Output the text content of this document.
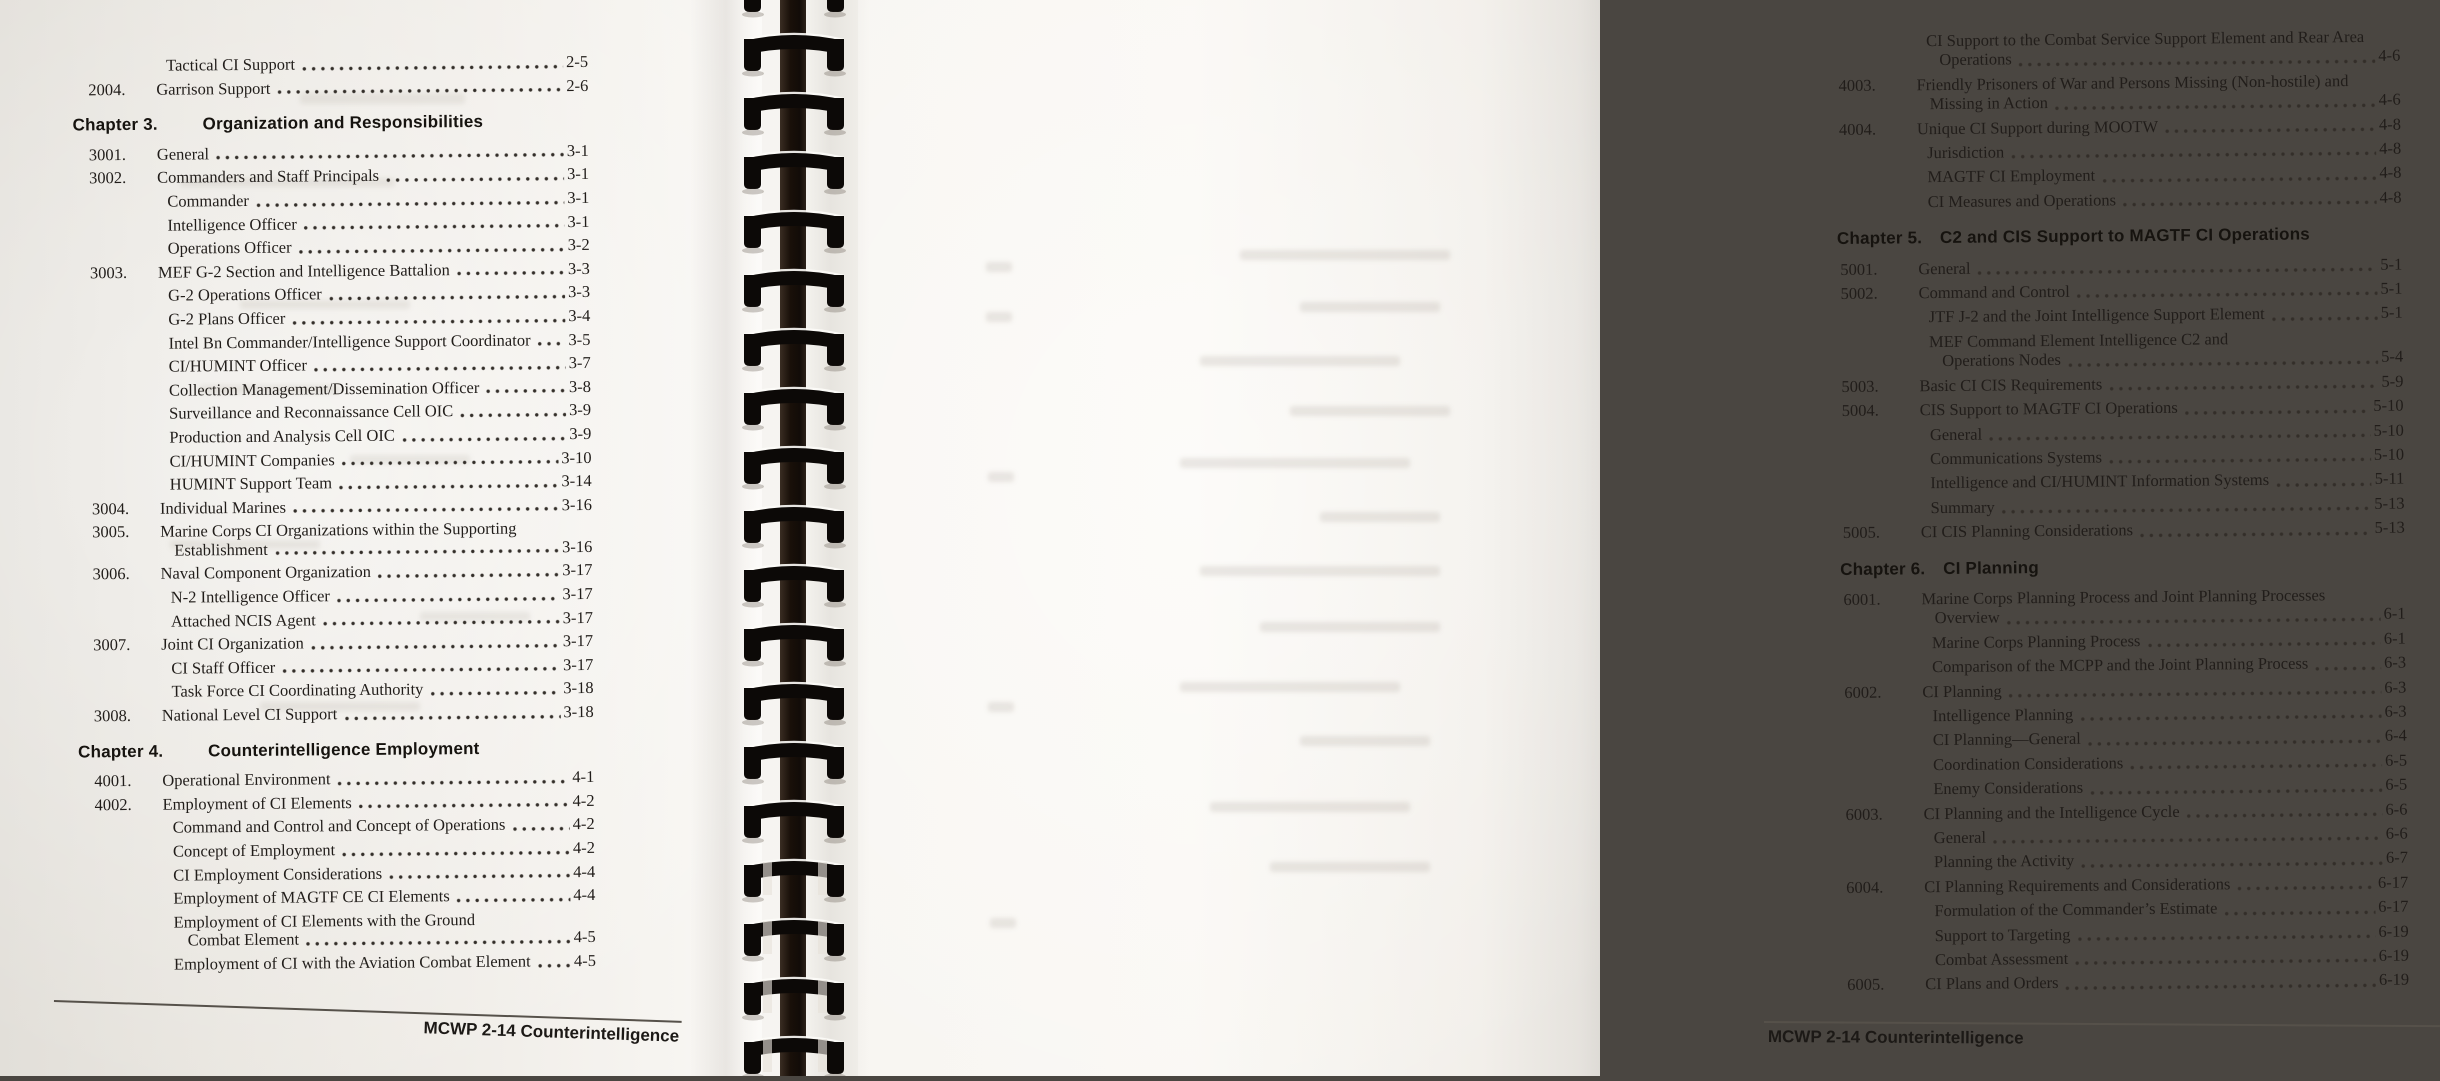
Tactical CI Support	2-5
2004.	Garrison Support	2-6
Chapter 3.	Organization and Responsibilities
3001.	General	3-1
3002.	Commanders and Staff Principals	3-1
Commander	3-1
Intelligence Officer	3-1
Operations Officer	3-2
3003.	MEF G-2 Section and Intelligence Battalion	3-3
G-2 Operations Officer	3-3
G-2 Plans Officer	3-4
Intel Bn Commander/Intelligence Support Coordinator 3-5
CI/HUMINT Officer	3-7
Collection Management/Dissemination Officer	3-8
Surveillance and Reconnaissance Cell OIC	3-9
Production and Analysis Cell OIC	3-9
CI/HUMINT Companies	3-10
HUMINT Support Team	3-14
3004.	Individual Marines	3-16
3005.	Marine Corps CI Organizations within the Supporting
Establishment	3-16
3006.	Naval Component Organization	3-17
N-2 Intelligence Officer	3-17
Attached NCIS Agent	3-17
3007.	Joint CI Organization	3-17
CI Staff Officer	3-17
Task Force CI Coordinating Authority	3-18
3008.	National Level CI Support	3-18
Chapter 4.	Counterintelligence Employment
4001.	Operational Environment	4-1
4002.	Employment of CI Elements	4-2
Command and Control and Concept of Operations	4-2
Concept of Employment	4-2
CI Employment Considerations	4-4
Employment of MAGTF CE CI Elements	4-4
Employment of CI Elements with the Ground
Combat Element	4-5
Employment of CI with the Aviation Combat Element	4-5
MCWP 2-14 Counterintelligence
CI Support to the Combat Service Support Element and Rear Area
Operations	4-6
4003.	Friendly Prisoners of War and Persons Missing (Non-hostile) and
Missing in Action	4-6
4004.	Unique CI Support during MOOTW	4-8
Jurisdiction	4-8
MAGTF CI Employment	4-8
CI Measures and Operations	4-8
Chapter 5. C2 and CIS Support to MAGTF CI Operations
5001.	General	5-1
5002.	Command and Control	5-1
JTF J-2 and the Joint Intelligence Support Element	5-1
MEF Command Element Intelligence C2 and
Operations Nodes	5-4
5003.	Basic CI CIS Requirements	5-9
5004.	CIS Support to MAGTF CI Operations	5-10
General	5-10
Communications Systems	5-10
Intelligence and CI/HUMINT Information Systems	5-11
Summary	5-13
5005.	CI CIS Planning Considerations	5-13
Chapter 6. CI Planning
6001.	Marine Corps Planning Process and Joint Planning Processes
Overview	6-1
Marine Corps Planning Process	6-1
Comparison of the MCPP and the Joint Planning Process	6-3
6002.	CI Planning	6-3
Intelligence Planning	6-3
CI Planning—General	6-4
Coordination Considerations	6-5
Enemy Considerations	6-5
6003.	CI Planning and the Intelligence Cycle	6-6
General	6-6
Planning the Activity	6-7
6004.	CI Planning Requirements and Considerations	6-17
Formulation of the Commander’s Estimate	6-17
Support to Targeting	6-19
Combat Assessment	6-19
6005.	CI Plans and Orders	6-19
MCWP 2-14 Counterintelligence
